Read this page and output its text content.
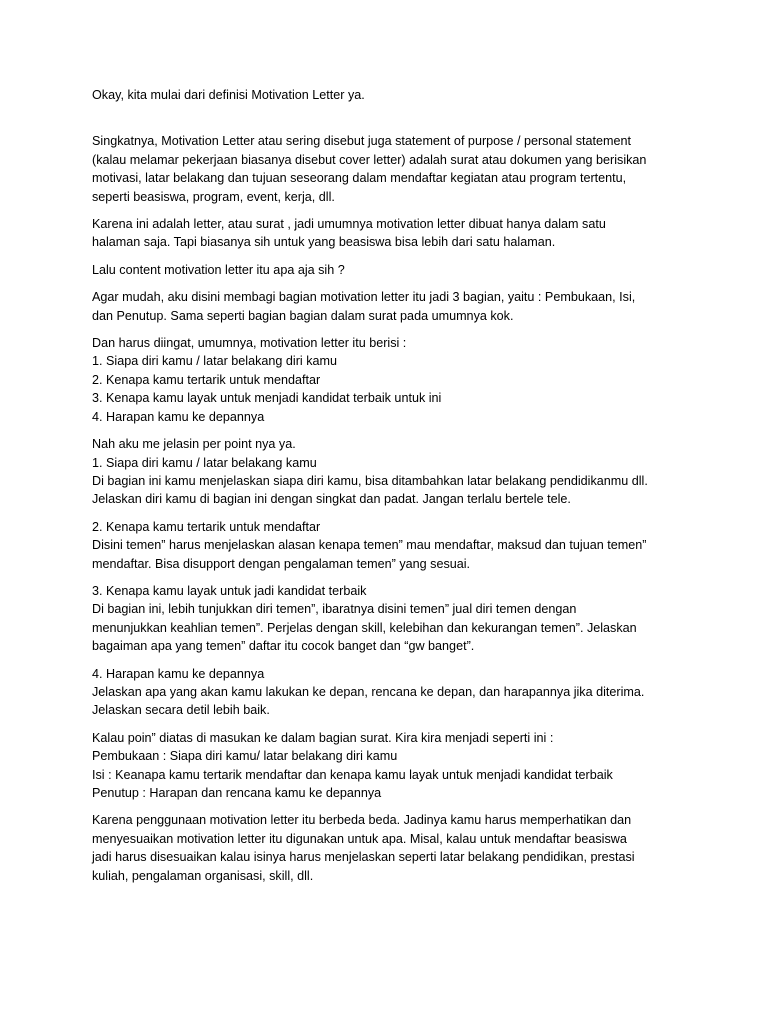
Okay, kita mulai dari definisi Motivation Letter ya.
Singkatnya, Motivation Letter atau sering disebut juga statement of purpose / personal statement
(kalau melamar pekerjaan biasanya disebut cover letter) adalah surat atau dokumen yang berisikan
motivasi, latar belakang dan tujuan seseorang dalam mendaftar kegiatan atau program tertentu,
seperti beasiswa, program, event, kerja, dll.
Karena ini adalah letter, atau surat , jadi umumnya motivation letter dibuat hanya dalam satu
halaman saja. Tapi biasanya sih untuk yang beasiswa bisa lebih dari satu halaman.
Lalu content motivation letter itu apa aja sih ?
Agar mudah, aku disini membagi bagian motivation letter itu jadi 3 bagian, yaitu : Pembukaan, Isi,
dan Penutup. Sama seperti bagian bagian dalam surat pada umumnya kok.
Dan harus diingat, umumnya, motivation letter itu berisi :
1. Siapa diri kamu / latar belakang diri kamu
2. Kenapa kamu tertarik untuk mendaftar
3. Kenapa kamu layak untuk menjadi kandidat terbaik untuk ini
4. Harapan kamu ke depannya
Nah aku me jelasin per point nya ya.
1. Siapa diri kamu / latar belakang kamu
Di bagian ini kamu menjelaskan siapa diri kamu, bisa ditambahkan latar belakang pendidikanmu dll.
Jelaskan diri kamu di bagian ini dengan singkat dan padat. Jangan terlalu bertele tele.
2. Kenapa kamu tertarik untuk mendaftar
Disini temen” harus menjelaskan alasan kenapa temen” mau mendaftar, maksud dan tujuan temen”
mendaftar. Bisa disupport dengan pengalaman temen” yang sesuai.
3. Kenapa kamu layak untuk jadi kandidat terbaik
Di bagian ini, lebih tunjukkan diri temen”, ibaratnya disini temen” jual diri temen dengan
menunjukkan keahlian temen”. Perjelas dengan skill, kelebihan dan kekurangan temen”. Jelaskan
bagaiman apa yang temen” daftar itu cocok banget dan “gw banget”.
4. Harapan kamu ke depannya
Jelaskan apa yang akan kamu lakukan ke depan, rencana ke depan, dan harapannya jika diterima.
Jelaskan secara detil lebih baik.
Kalau poin” diatas di masukan ke dalam bagian surat. Kira kira menjadi seperti ini :
Pembukaan : Siapa diri kamu/ latar belakang diri kamu
Isi : Keanapa kamu tertarik mendaftar dan kenapa kamu layak untuk menjadi kandidat terbaik
Penutup : Harapan dan rencana kamu ke depannya
Karena penggunaan motivation letter itu berbeda beda. Jadinya kamu harus memperhatikan dan
menyesuaikan motivation letter itu digunakan untuk apa. Misal, kalau untuk mendaftar beasiswa
jadi harus disesuaikan kalau isinya harus menjelaskan seperti latar belakang pendidikan, prestasi
kuliah, pengalaman organisasi, skill, dll.
